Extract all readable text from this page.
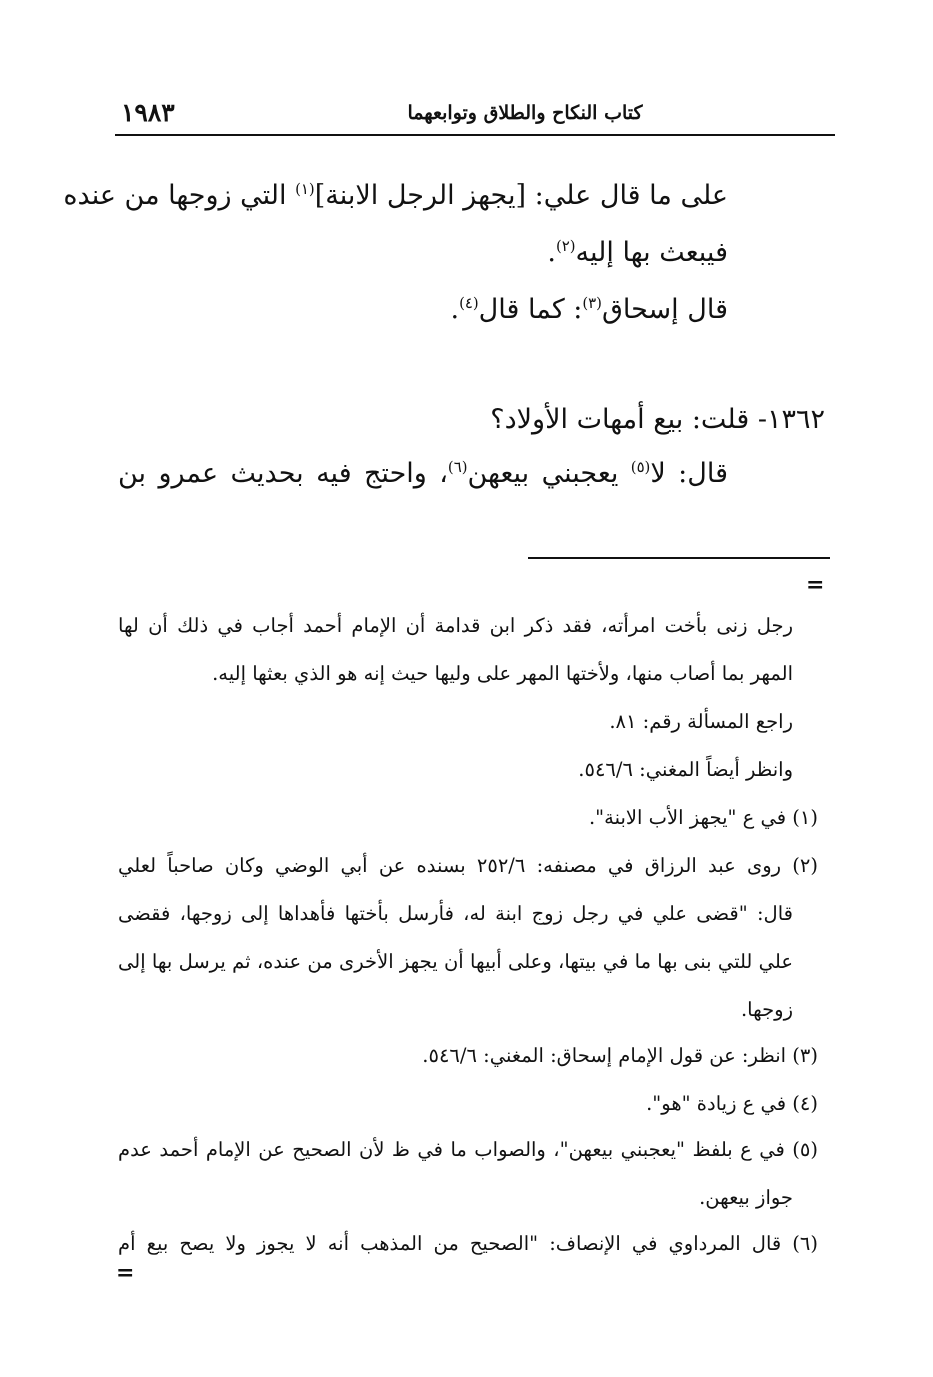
١٩٨٣	كتاب النكاح والطلاق وتوابعهما
على ما قال علي: [يجهز الرجل الابنة]$^{(١)}$ التي زوجها من عنده
فيبعث بها إليه$^{(٢)}$.
قال إسحاق$^{(٣)}$: كما قال$^{(٤)}$.
١٣٦٢- قلت: بيع أمهات الأولاد؟
قال: لا$^{(٥)}$ يعجبني بيعهن$^{(٦)}$، واحتج فيه بحديث عمرو بن
=
رجل زنى بأخت امرأته، فقد ذكر ابن قدامة أن الإمام أحمد أجاب في ذلك أن لها
المهر بما أصاب منها، ولأختها المهر على وليها حيث إنه هو الذي بعثها إليه.
راجع المسألة رقم: ٨١.
وانظر أيضاً المغني: ٥٤٦/٦.
(١) في ع "يجهز الأب الابنة".
(٢) روى عبد الرزاق في مصنفه: ٢٥٢/٦ بسنده عن أبي الوضي وكان صاحباً لعلي
قال: "قضى علي في رجل زوج ابنة له، فأرسل بأختها فأهداها إلى زوجها، فقضى
علي للتي بنى بها ما في بيتها، وعلى أبيها أن يجهز الأخرى من عنده، ثم يرسل بها إلى
زوجها.
(٣) انظر: عن قول الإمام إسحاق: المغني: ٥٤٦/٦.
(٤) في ع زيادة "هو".
(٥) في ع بلفظ "يعجبني بيعهن"، والصواب ما في ظ لأن الصحيح عن الإمام أحمد عدم
جواز بيعهن.
(٦) قال المرداوي في الإنصاف: "الصحيح من المذهب أنه لا يجوز ولا يصح بيع أم
=
